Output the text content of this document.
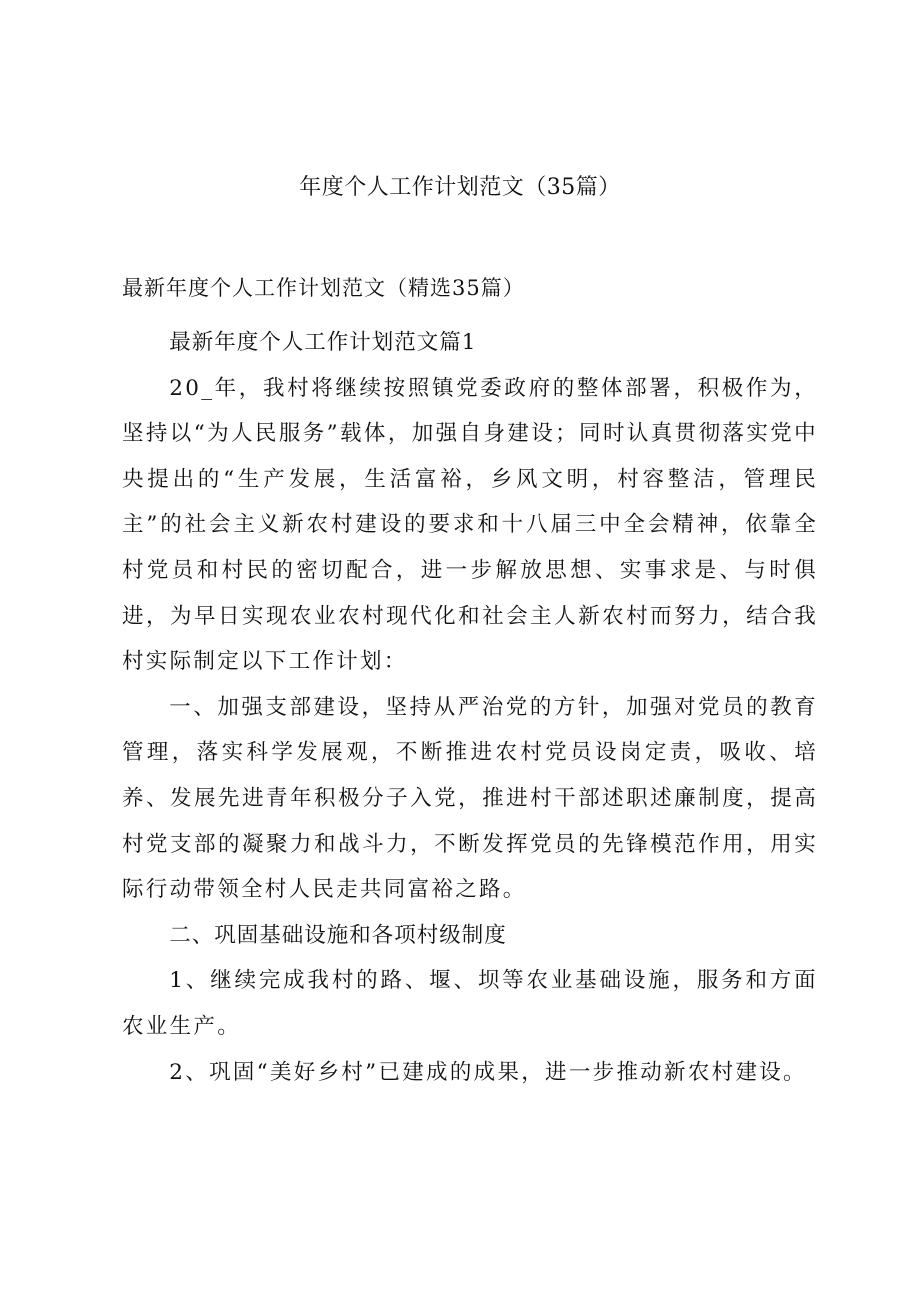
年度个人工作计划范文（35篇）
最新年度个人工作计划范文（精选35篇）

最新年度个人工作计划范文篇1

20_年，我村将继续按照镇党委政府的整体部署，积极作为，坚持以“为人民服务”载体，加强自身建设；同时认真贯彻落实党中央提出的“生产发展，生活富裕，乡风文明，村容整洁，管理民主”的社会主义新农村建设的要求和十八届三中全会精神，依靠全村党员和村民的密切配合，进一步解放思想、实事求是、与时俱进，为早日实现农业农村现代化和社会主人新农村而努力，结合我村实际制定以下工作计划：

一、加强支部建设，坚持从严治党的方针，加强对党员的教育管理，落实科学发展观，不断推进农村党员设岗定责，吸收、培养、发展先进青年积极分子入党，推进村干部述职述廉制度，提高村党支部的凝聚力和战斗力，不断发挥党员的先锋模范作用，用实际行动带领全村人民走共同富裕之路。

二、巩固基础设施和各项村级制度

1、继续完成我村的路、堰、坝等农业基础设施，服务和方面农业生产。

2、巩固“美好乡村”已建成的成果，进一步推动新农村建设。
